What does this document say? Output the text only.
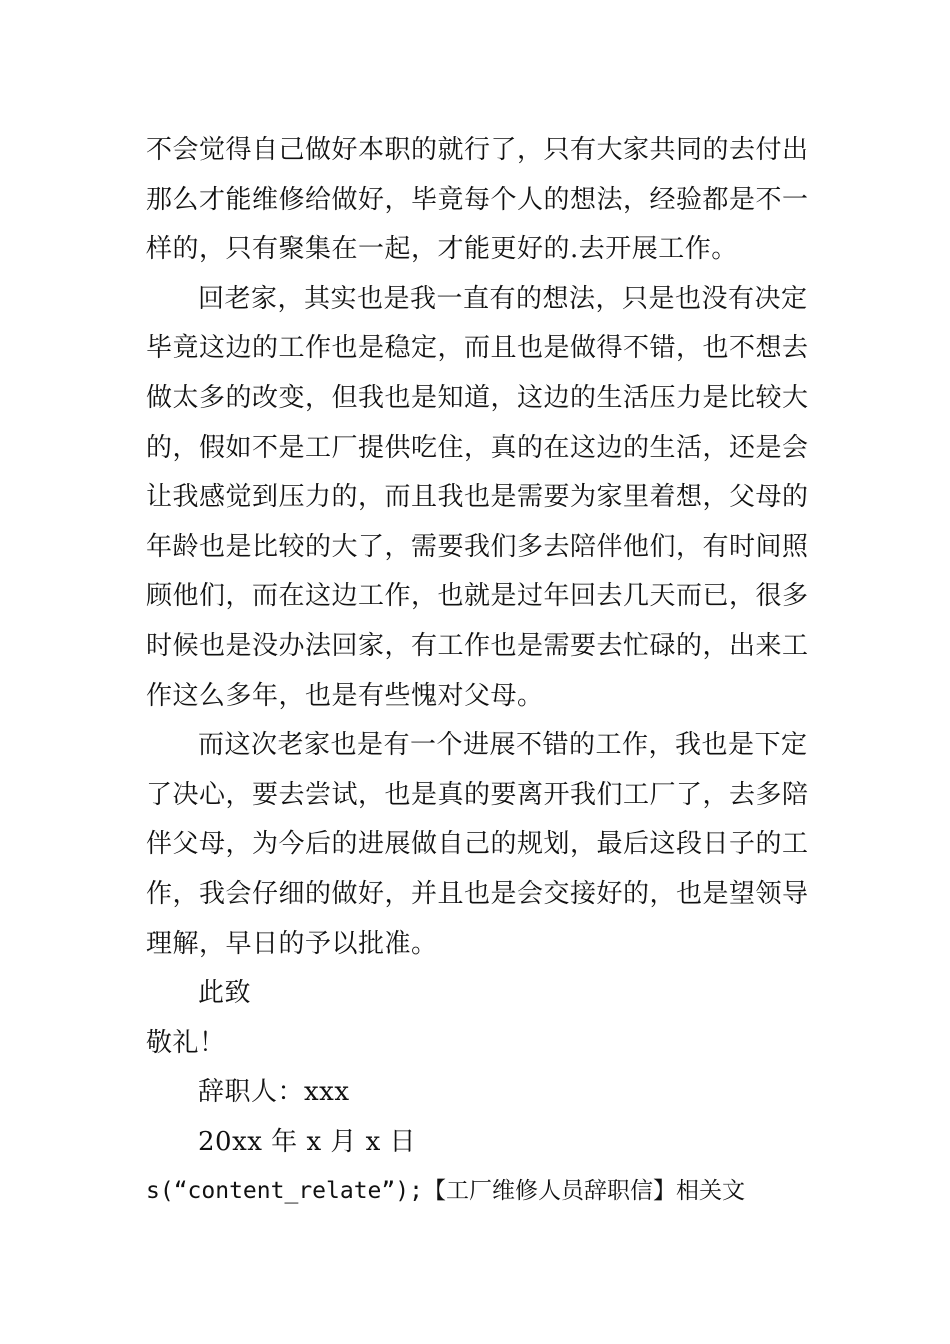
不会觉得自己做好本职的就行了，只有大家共同的去付出
那么才能维修给做好，毕竟每个人的想法，经验都是不一
样的，只有聚集在一起，才能更好的.去开展工作。
回老家，其实也是我一直有的想法，只是也没有决定
毕竟这边的工作也是稳定，而且也是做得不错，也不想去
做太多的改变，但我也是知道，这边的生活压力是比较大
的，假如不是工厂提供吃住，真的在这边的生活，还是会
让我感觉到压力的，而且我也是需要为家里着想，父母的
年龄也是比较的大了，需要我们多去陪伴他们，有时间照
顾他们，而在这边工作，也就是过年回去几天而已，很多
时候也是没办法回家，有工作也是需要去忙碌的，出来工
作这么多年，也是有些愧对父母。
而这次老家也是有一个进展不错的工作，我也是下定
了决心，要去尝试，也是真的要离开我们工厂了，去多陪
伴父母，为今后的进展做自己的规划，最后这段日子的工
作，我会仔细的做好，并且也是会交接好的，也是望领导
理解，早日的予以批准。
此致
敬礼！
辞职人：xxx
20xx 年 x 月 x 日
s(“content_relate”);【工厂维修人员辞职信】相关文
